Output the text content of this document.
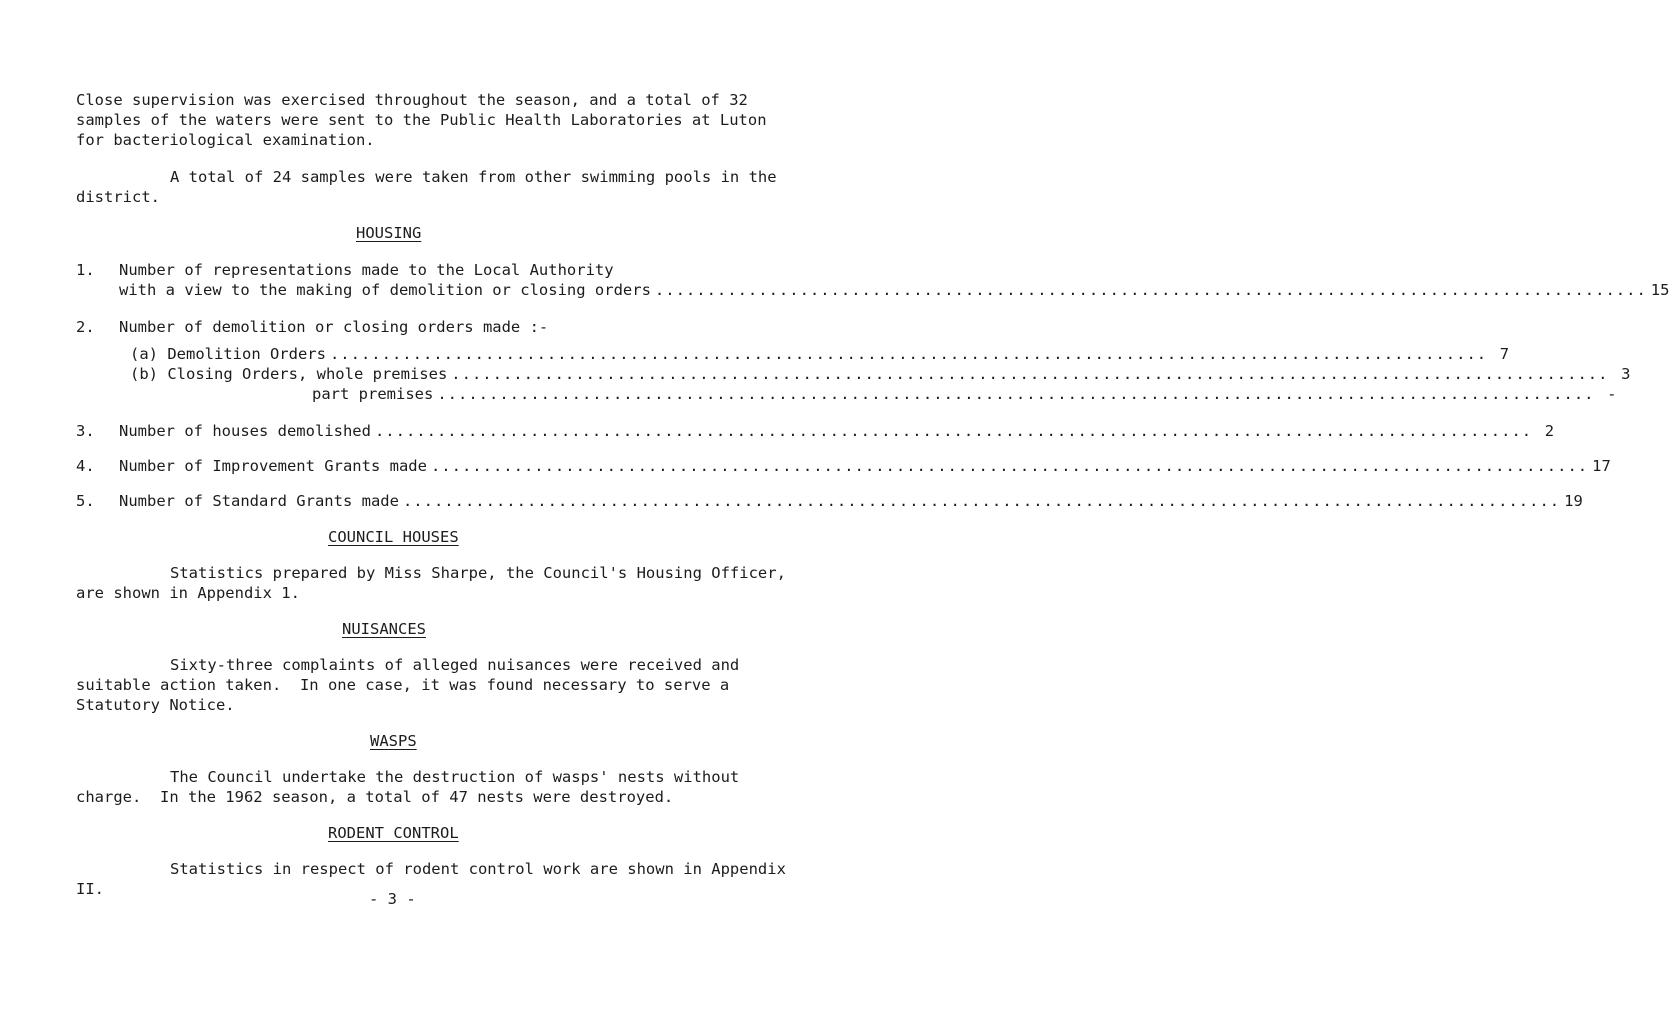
Close supervision was exercised throughout the season, and a total of 32
samples of the waters were sent to the Public Health Laboratories at Luton
for bacteriological examination.
A total of 24 samples were taken from other swimming pools in the
district.
HOUSING
1. Number of representations made to the Local Authority
with a view to the making of demolition or closing orders ................................................................................................ 15
2. Number of demolition or closing orders made :-
(a) Demolition Orders ................................................................................................................ 7
(b) Closing Orders, whole premises ................................................................................................................ 3
part premises ................................................................................................................ -
3. Number of houses demolished ................................................................................................................ 2
4. Number of Improvement Grants made ................................................................................................................ 17
5. Number of Standard Grants made ................................................................................................................ 19
COUNCIL HOUSES
Statistics prepared by Miss Sharpe, the Council's Housing Officer,
are shown in Appendix 1.
NUISANCES
Sixty-three complaints of alleged nuisances were received and
suitable action taken.  In one case, it was found necessary to serve a
Statutory Notice.
WASPS
The Council undertake the destruction of wasps' nests without
charge.  In the 1962 season, a total of 47 nests were destroyed.
RODENT CONTROL
Statistics in respect of rodent control work are shown in Appendix
II.
- 3 -
